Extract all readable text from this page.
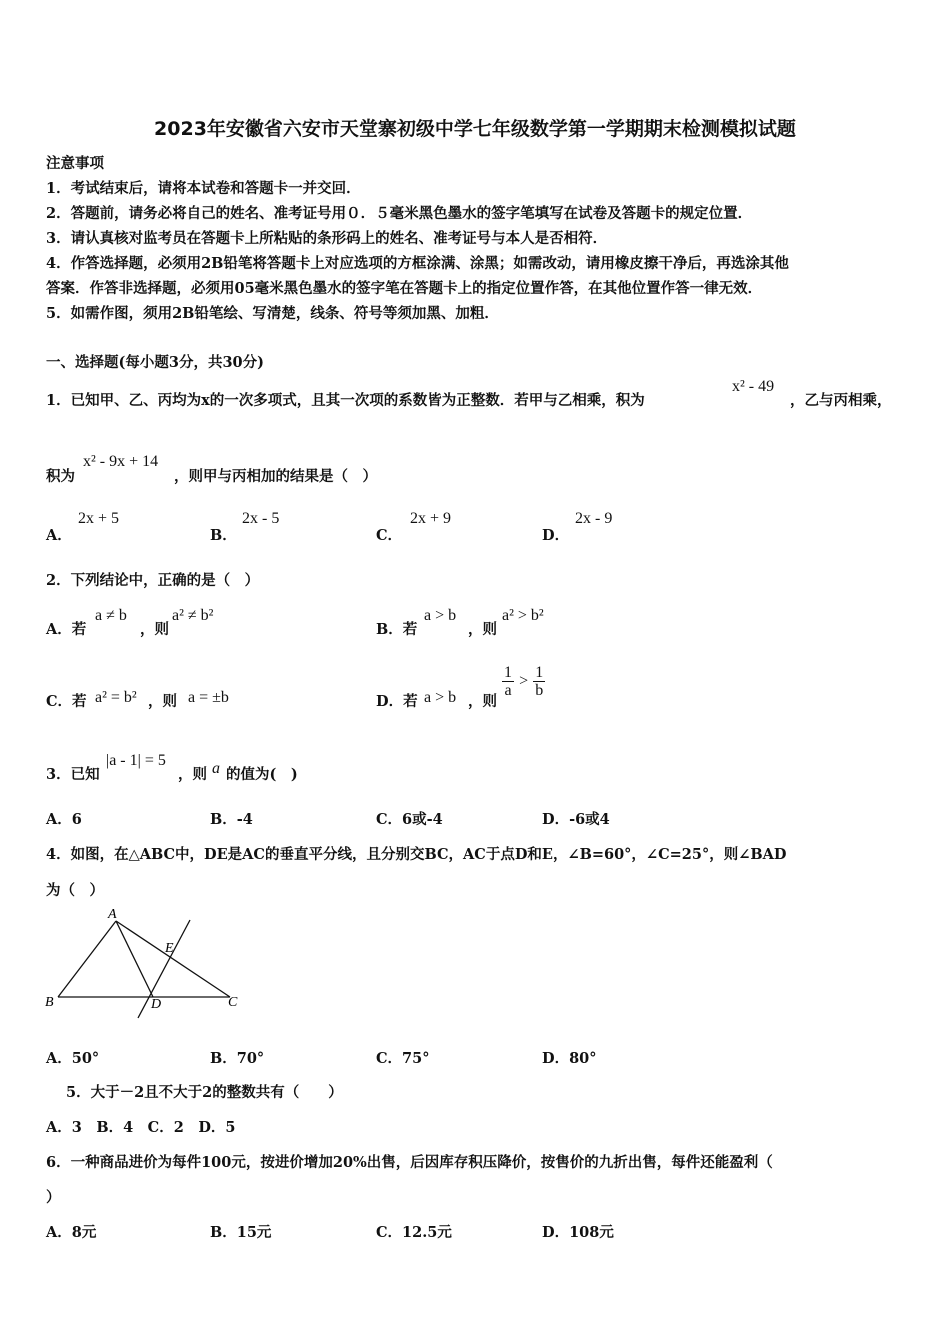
2023年安徽省六安市天堂寨初级中学七年级数学第一学期期末检测模拟试题
注意事项
1．考试结束后，请将本试卷和答题卡一并交回．
2．答题前，请务必将自己的姓名、准考证号用０．５毫米黑色墨水的签字笔填写在试卷及答题卡的规定位置．
3．请认真核对监考员在答题卡上所粘贴的条形码上的姓名、准考证号与本人是否相符．
4．作答选择题，必须用2B铅笔将答题卡上对应选项的方框涂满、涂黑；如需改动，请用橡皮擦干净后，再选涂其他
答案．作答非选择题，必须用05毫米黑色墨水的签字笔在答题卡上的指定位置作答，在其他位置作答一律无效．
5．如需作图，须用2B铅笔绘、写清楚，线条、符号等须加黑、加粗．
一、选择题(每小题3分，共30分)
1．已知甲、乙、丙均为x的一次多项式，且其一次项的系数皆为正整数．若甲与乙相乘，积为
x² - 49
，乙与丙相乘，
积为
x² - 9x + 14
，则甲与丙相加的结果是（　）
A．
2x + 5
B．
2x - 5
C．
2x + 9
D．
2x - 9
2．下列结论中，正确的是（　）
A．若
a ≠ b
，则
a² ≠ b²
B．若
a > b
，则
a² > b²
C．若 a² = b² ，则 a = ±b	D．若 a > b ，则
$\frac{1}{a} > \frac{1}{b}$
3．已知
|a - 1| = 5
，则 a 的值为(　)
A．6	B．-4	C．6或-4	D．-6或4
4．如图，在△ABC中，DE是AC的垂直平分线，且分别交BC，AC于点D和E，∠B=60°，∠C=25°，则∠BAD
为（　）
A
B	C
D
E
A．50°	B．70°	C．75°	D．80°
5．大于－2且不大于2的整数共有（　　）
A．3　B．4　C．2　D．5
6．一种商品进价为每件100元，按进价增加20%出售，后因库存积压降价，按售价的九折出售，每件还能盈利（
）
A．8元	B．15元	C．12.5元	D．108元
